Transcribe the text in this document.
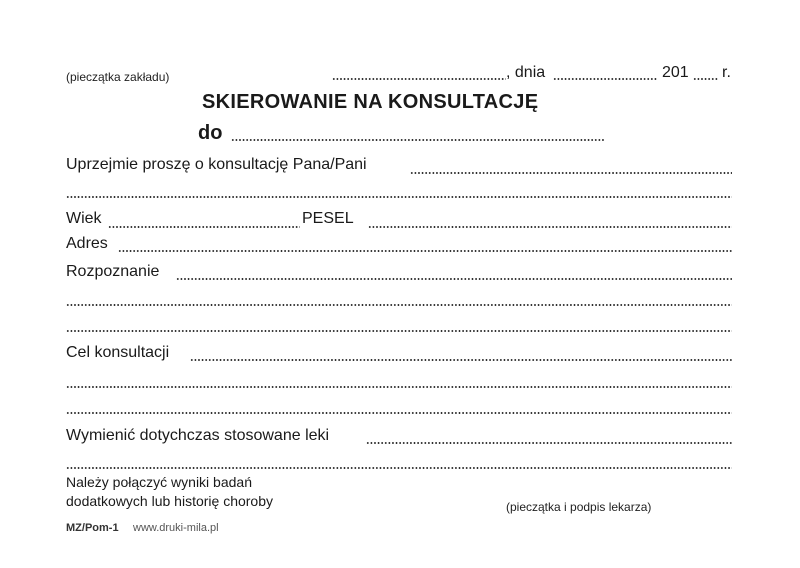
(pieczątka zakładu)	, dnia	201 r.
SKIEROWANIE NA KONSULTACJĘ
do
Uprzejmie proszę o konsultację Pana/Pani
Wiek	PESEL
Adres
Rozpoznanie
Cel konsultacji
Wymienić dotychczas stosowane leki
Należy połączyć wyniki badań
dodatkowych lub historię choroby	(pieczątka i podpis lekarza)
MZ/Pom-1 www.druki-mila.pl
